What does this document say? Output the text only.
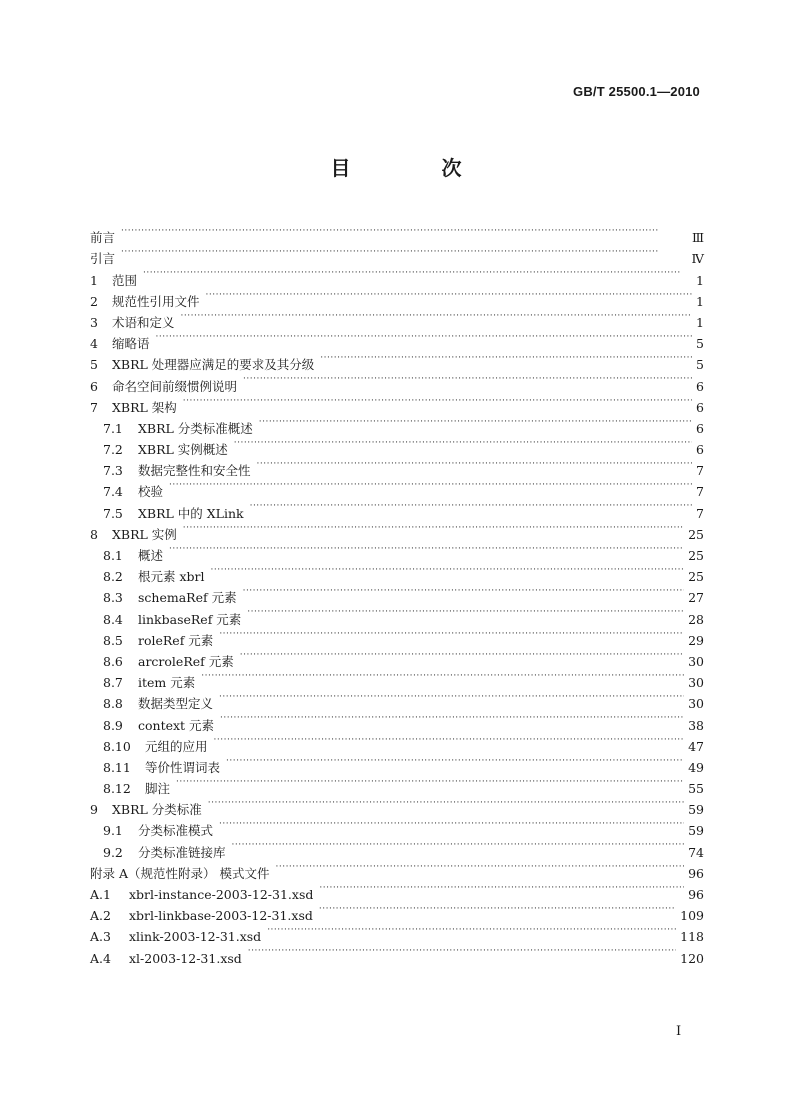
GB/T 25500.1—2010
目 次
前言 ·····	Ⅲ
引言 ·····	Ⅳ
1	范围 ·····	1
2	规范性引用文件 ·····	1
3	术语和定义 ·····	1
4	缩略语 ·····	5
5	XBRL 处理器应满足的要求及其分级 ·····	5
6	命名空间前缀惯例说明 ·····	6
7	XBRL 架构 ·····	6
7.1	XBRL 分类标准概述 ·····	6
7.2	XBRL 实例概述 ·····	6
7.3	数据完整性和安全性 ·····	7
7.4	校验 ·····	7
7.5	XBRL 中的 XLink ·····	7
8	XBRL 实例 ·····	25
8.1	概述 ·····	25
8.2	根元素 xbrl ·····	25
8.3	schemaRef 元素 ·····	27
8.4	linkbaseRef 元素 ·····	28
8.5	roleRef 元素 ·····	29
8.6	arcroleRef 元素 ·····	30
8.7	item 元素 ·····	30
8.8	数据类型定义 ·····	30
8.9	context 元素 ·····	38
8.10	元组的应用 ·····	47
8.11	等价性谓词表 ·····	49
8.12	脚注 ·····	55
9	XBRL 分类标准 ·····	59
9.1	分类标准模式 ·····	59
9.2	分类标准链接库 ·····	74
附录 A（规范性附录） 模式文件 ·····	96
A.1	xbrl-instance-2003-12-31.xsd ·····	96
A.2	xbrl-linkbase-2003-12-31.xsd ·····	109
A.3	xlink-2003-12-31.xsd ·····	118
A.4	xl-2003-12-31.xsd ·····	120
Ⅰ
